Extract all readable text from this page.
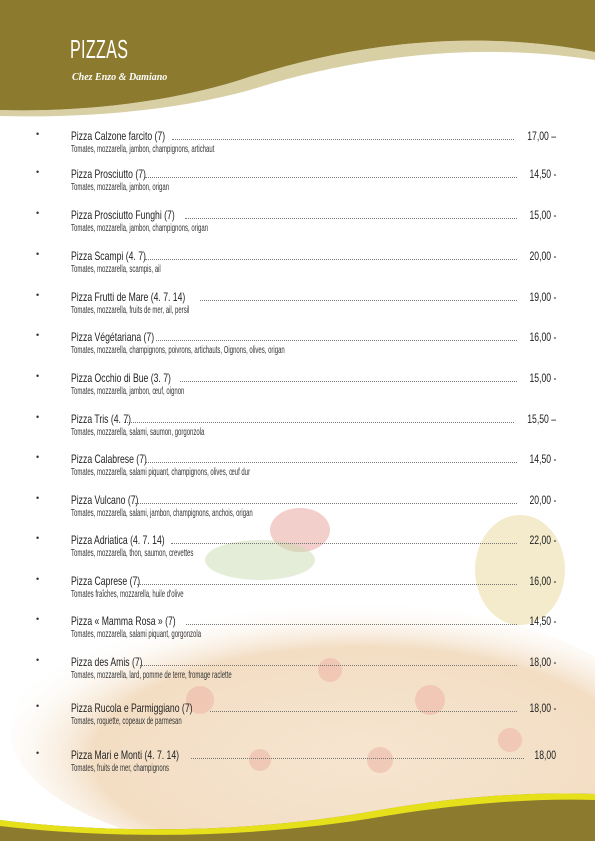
PIZZAS
Chez Enzo & Damiano
•	Pizza Calzone farcito (7)	17,00 –
Tomates, mozzarella, jambon, champignons, artichaut
•	Pizza Prosciutto (7)	14,50 -
Tomates, mozzarella, jambon, origan
•	Pizza Prosciutto Funghi (7)	15,00 -
Tomates, mozzarella, jambon, champignons, origan
•	Pizza Scampi (4. 7)	20,00 -
Tomates, mozzarella, scampis, ail
•	Pizza Frutti de Mare (4. 7. 14)	19,00 -
Tomates, mozzarella, fruits de mer, ail, persil
•	Pizza Végétariana (7)	16,00 -
Tomates, mozzarella, champignons, poivrons, artichauts, Oignons, olives, origan
•	Pizza Occhio di Bue (3. 7)	15,00 -
Tomates, mozzarella, jambon, œuf, oignon
•	Pizza Tris (4. 7)	15,50 –
Tomates, mozzarella, salami, saumon, gorgonzola
•	Pizza Calabrese (7)	14,50 -
Tomates, mozzarella, salami piquant, champignons, olives, œuf dur
•	Pizza Vulcano (7)	20,00 -
Tomates, mozzarella, salami, jambon, champignons, anchois, origan
•	Pizza Adriatica (4. 7. 14)	22,00 -
Tomates, mozzarella, thon, saumon, crevettes
•	Pizza Caprese (7)	16,00 -
Tomates fraîches, mozzarella, huile d'olive
•	Pizza « Mamma Rosa » (7)	14,50 -
Tomates, mozzarella, salami piquant, gorgonzola
•	Pizza des Amis (7)	18,00 -
Tomates, mozzarella, lard, pomme de terre, fromage raclette
•	Pizza Rucola e Parmiggiano (7)	18,00 -
Tomates, roquette, copeaux de parmesan
•	Pizza Mari e Monti (4. 7. 14)	18,00
Tomates, fruits de mer, champignons
